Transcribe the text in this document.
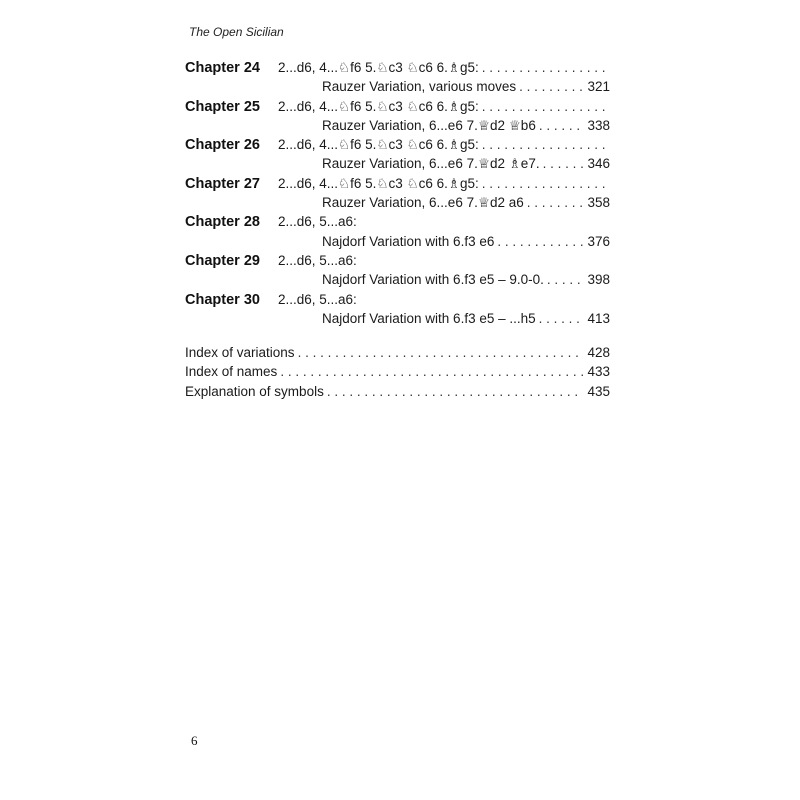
The Open Sicilian
Chapter 24	2...d6, 4...♘f6 5.♘c3 ♘c6 6.♗g5:
. . .
Rauzer Variation, various moves . . .	321
Chapter 25	2...d6, 4...♘f6 5.♘c3 ♘c6 6.♗g5:
. . .
Rauzer Variation, 6...e6 7.♕d2 ♕b6 . . .	338
Chapter 26	2...d6, 4...♘f6 5.♘c3 ♘c6 6.♗g5:
. . .
Rauzer Variation, 6...e6 7.♕d2 ♗e7. . . .	346
Chapter 27	2...d6, 4...♘f6 5.♘c3 ♘c6 6.♗g5:
. . .
Rauzer Variation, 6...e6 7.♕d2 a6 . . .	358
Chapter 28	2...d6, 5...a6:
Najdorf Variation with 6.f3 e6 . . .	376
Chapter 29	2...d6, 5...a6:
Najdorf Variation with 6.f3 e5 – 9.0-0. . . .	398
Chapter 30	2...d6, 5...a6:
Najdorf Variation with 6.f3 e5 – ...h5 . . .	413
Index of variations . . .	428
Index of names . . .	433
Explanation of symbols . . .	435
6
